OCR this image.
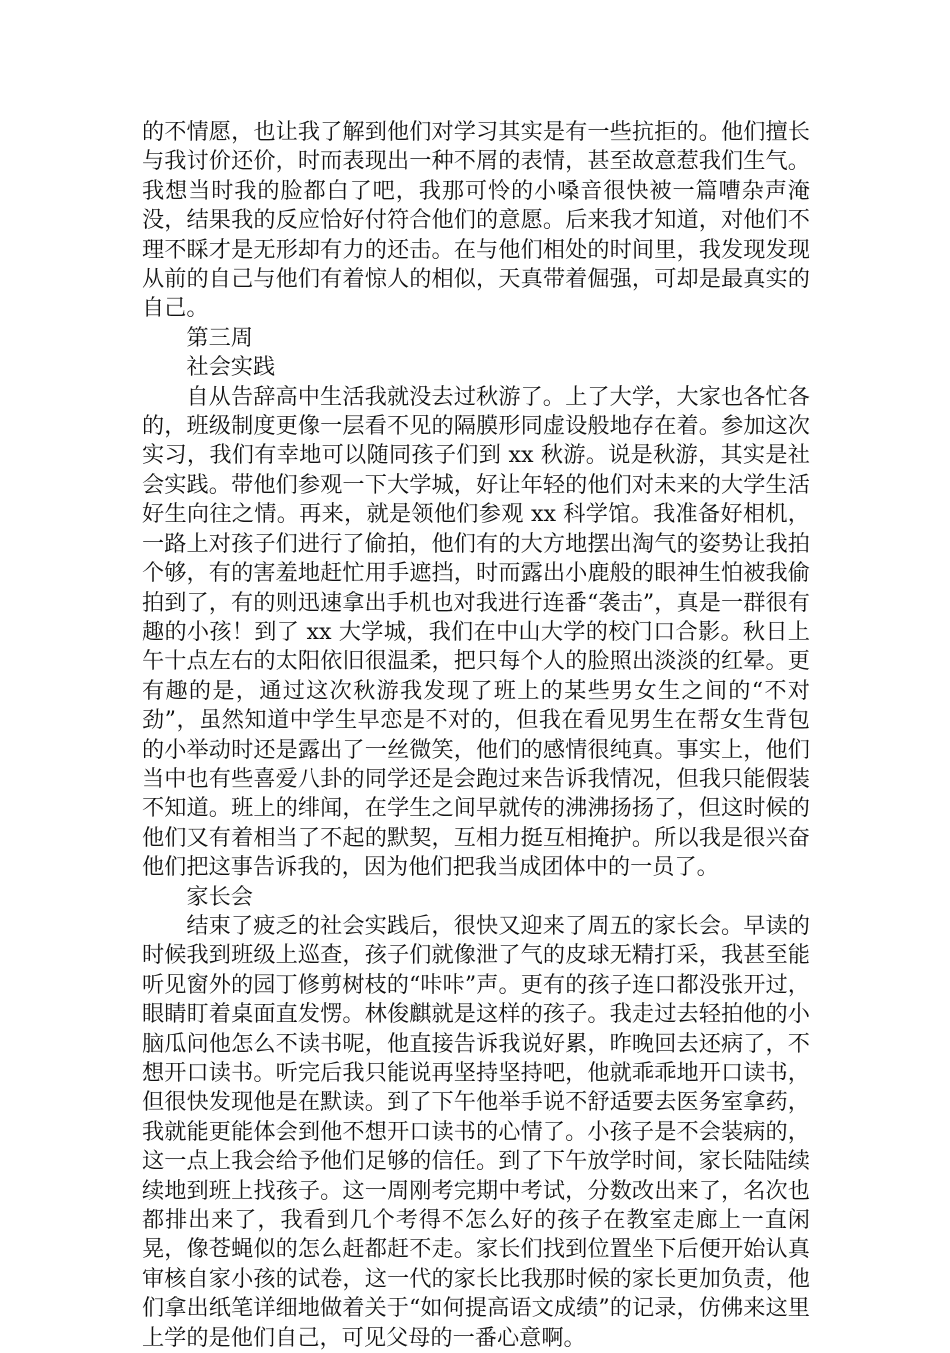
的不情愿，也让我了解到他们对学习其实是有一些抗拒的。他们擅长与我讨价还价，时而表现出一种不屑的表情，甚至故意惹我们生气。我想当时我的脸都白了吧，我那可怜的小嗓音很快被一篇嘈杂声淹没，结果我的反应恰好付符合他们的意愿。后来我才知道，对他们不理不睬才是无形却有力的还击。在与他们相处的时间里，我发现发现从前的自己与他们有着惊人的相似，天真带着倔强，可却是最真实的自己。

第三周

社会实践

自从告辞高中生活我就没去过秋游了。上了大学，大家也各忙各的，班级制度更像一层看不见的隔膜形同虚设般地存在着。参加这次实习，我们有幸地可以随同孩子们到 xx 秋游。说是秋游，其实是社会实践。带他们参观一下大学城，好让年轻的他们对未来的大学生活好生向往之情。再来，就是领他们参观 xx 科学馆。我准备好相机，一路上对孩子们进行了偷拍，他们有的大方地摆出淘气的姿势让我拍个够，有的害羞地赶忙用手遮挡，时而露出小鹿般的眼神生怕被我偷拍到了，有的则迅速拿出手机也对我进行连番“袭击”，真是一群很有趣的小孩！到了 xx 大学城，我们在中山大学的校门口合影。秋日上午十点左右的太阳依旧很温柔，把只每个人的脸照出淡淡的红晕。更有趣的是，通过这次秋游我发现了班上的某些男女生之间的“不对劲”，虽然知道中学生早恋是不对的，但我在看见男生在帮女生背包的小举动时还是露出了一丝微笑，他们的感情很纯真。事实上，他们当中也有些喜爱八卦的同学还是会跑过来告诉我情况，但我只能假装不知道。班上的绯闻，在学生之间早就传的沸沸扬扬了，但这时候的他们又有着相当了不起的默契，互相力挺互相掩护。所以我是很兴奋他们把这事告诉我的，因为他们把我当成团体中的一员了。

家长会

结束了疲乏的社会实践后，很快又迎来了周五的家长会。早读的时候我到班级上巡查，孩子们就像泄了气的皮球无精打采，我甚至能听见窗外的园丁修剪树枝的“咔咔”声。更有的孩子连口都没张开过，眼睛盯着桌面直发愣。林俊麒就是这样的孩子。我走过去轻拍他的小脑瓜问他怎么不读书呢，他直接告诉我说好累，昨晚回去还病了，不想开口读书。听完后我只能说再坚持坚持吧，他就乖乖地开口读书，但很快发现他是在默读。到了下午他举手说不舒适要去医务室拿药，我就能更能体会到他不想开口读书的心情了。小孩子是不会装病的，这一点上我会给予他们足够的信任。到了下午放学时间，家长陆陆续续地到班上找孩子。这一周刚考完期中考试，分数改出来了，名次也都排出来了，我看到几个考得不怎么好的孩子在教室走廊上一直闲晃，像苍蝇似的怎么赶都赶不走。家长们找到位置坐下后便开始认真审核自家小孩的试卷，这一代的家长比我那时候的家长更加负责，他们拿出纸笔详细地做着关于“如何提高语文成绩”的记录，仿佛来这里上学的是他们自己，可见父母的一番心意啊。
